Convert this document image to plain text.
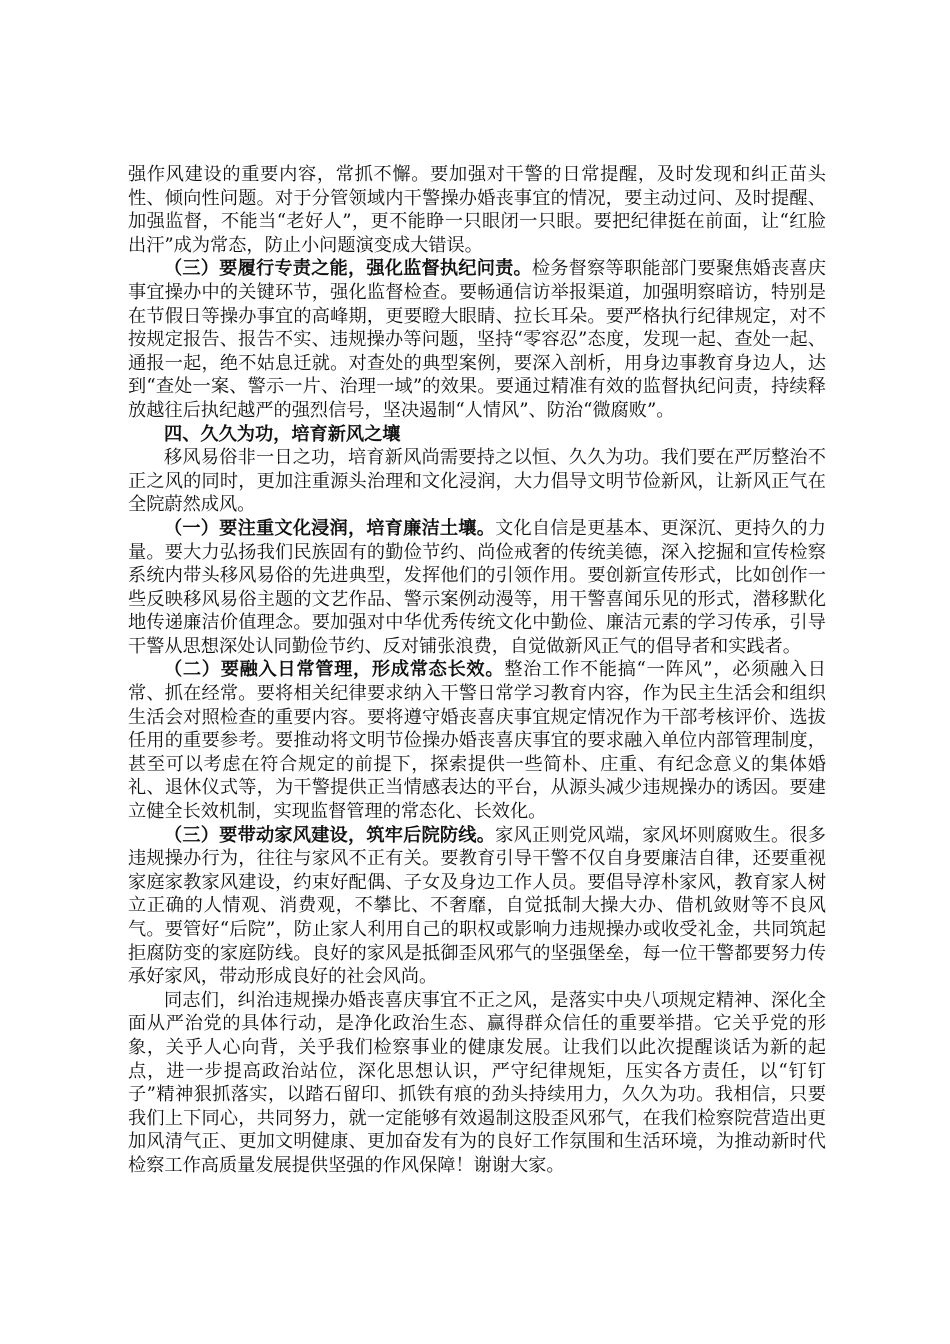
强作风建设的重要内容，常抓不懈。要加强对干警的日常提醒，及时发现和纠正苗头性、倾向性问题。对于分管领域内干警操办婚丧事宜的情况，要主动过问、及时提醒、加强监督，不能当“老好人”，更不能睁一只眼闭一只眼。要把纪律挺在前面，让“红脸出汗”成为常态，防止小问题演变成大错误。

（三）要履行专责之能，强化监督执纪问责。检务督察等职能部门要聚焦婚丧喜庆事宜操办中的关键环节，强化监督检查。要畅通信访举报渠道，加强明察暗访，特别是在节假日等操办事宜的高峰期，更要瞪大眼睛、拉长耳朵。要严格执行纪律规定，对不按规定报告、报告不实、违规操办等问题，坚持“零容忍”态度，发现一起、查处一起、通报一起，绝不姑息迁就。对查处的典型案例，要深入剖析，用身边事教育身边人，达到“查处一案、警示一片、治理一域”的效果。要通过精准有效的监督执纪问责，持续释放越往后执纪越严的强烈信号，坚决遏制“人情风”、防治“微腐败”。

四、久久为功，培育新风之壤

移风易俗非一日之功，培育新风尚需要持之以恒、久久为功。我们要在严厉整治不正之风的同时，更加注重源头治理和文化浸润，大力倡导文明节俭新风，让新风正气在全院蔚然成风。

（一）要注重文化浸润，培育廉洁土壤。文化自信是更基本、更深沉、更持久的力量。要大力弘扬我们民族固有的勤俭节约、尚俭戒奢的传统美德，深入挖掘和宣传检察系统内带头移风易俗的先进典型，发挥他们的引领作用。要创新宣传形式，比如创作一些反映移风易俗主题的文艺作品、警示案例动漫等，用干警喜闻乐见的形式，潜移默化地传递廉洁价值理念。要加强对中华优秀传统文化中勤俭、廉洁元素的学习传承，引导干警从思想深处认同勤俭节约、反对铺张浪费，自觉做新风正气的倡导者和实践者。

（二）要融入日常管理，形成常态长效。整治工作不能搞“一阵风”，必须融入日常、抓在经常。要将相关纪律要求纳入干警日常学习教育内容，作为民主生活会和组织生活会对照检查的重要内容。要将遵守婚丧喜庆事宜规定情况作为干部考核评价、选拔任用的重要参考。要推动将文明节俭操办婚丧喜庆事宜的要求融入单位内部管理制度，甚至可以考虑在符合规定的前提下，探索提供一些简朴、庄重、有纪念意义的集体婚礼、退休仪式等，为干警提供正当情感表达的平台，从源头减少违规操办的诱因。要建立健全长效机制，实现监督管理的常态化、长效化。

（三）要带动家风建设，筑牢后院防线。家风正则党风端，家风坏则腐败生。很多违规操办行为，往往与家风不正有关。要教育引导干警不仅自身要廉洁自律，还要重视家庭家教家风建设，约束好配偶、子女及身边工作人员。要倡导淳朴家风，教育家人树立正确的人情观、消费观，不攀比、不奢靡，自觉抵制大操大办、借机敛财等不良风气。要管好“后院”，防止家人利用自己的职权或影响力违规操办或收受礼金，共同筑起拒腐防变的家庭防线。良好的家风是抵御歪风邪气的坚强堡垒，每一位干警都要努力传承好家风，带动形成良好的社会风尚。

同志们，纠治违规操办婚丧喜庆事宜不正之风，是落实中央八项规定精神、深化全面从严治党的具体行动，是净化政治生态、赢得群众信任的重要举措。它关乎党的形象，关乎人心向背，关乎我们检察事业的健康发展。让我们以此次提醒谈话为新的起点，进一步提高政治站位，深化思想认识，严守纪律规矩，压实各方责任，以“钉钉子”精神狠抓落实，以踏石留印、抓铁有痕的劲头持续用力，久久为功。我相信，只要我们上下同心，共同努力，就一定能够有效遏制这股歪风邪气，在我们检察院营造出更加风清气正、更加文明健康、更加奋发有为的良好工作氛围和生活环境，为推动新时代检察工作高质量发展提供坚强的作风保障！谢谢大家。
